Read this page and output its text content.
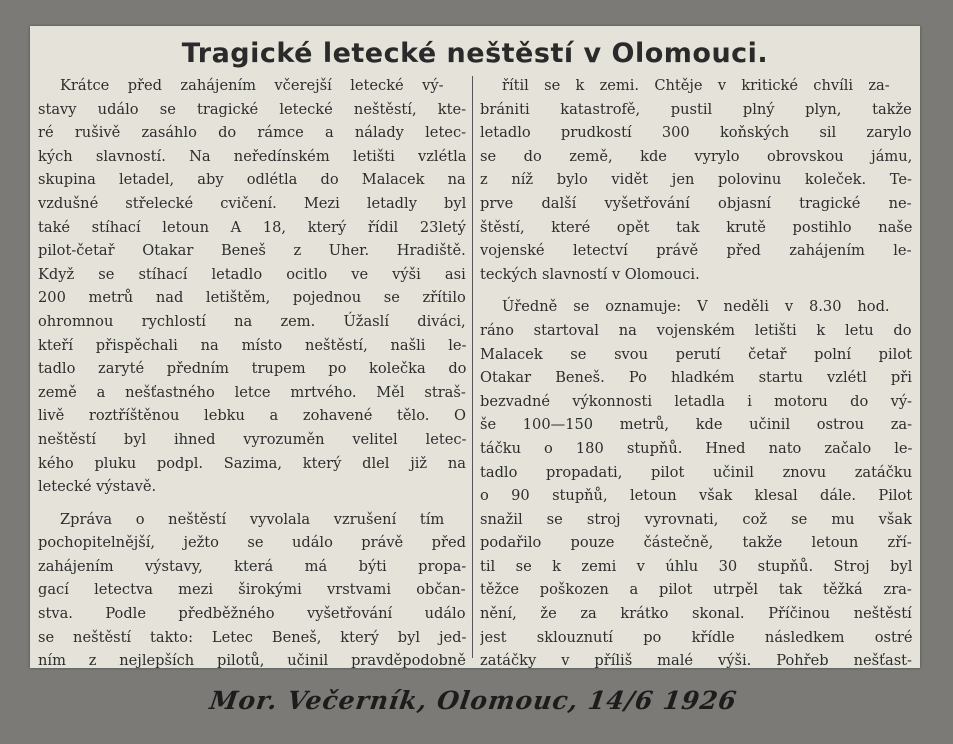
Tragické letecké neštěstí v Olomouci.
Krátce před zahájením včerejší letecké vý-
stavy událo se tragické letecké neštěstí, kte-
ré rušivě zasáhlo do rámce a nálady letec-
kých slavností. Na neředínském letišti vzlétla
skupina letadel, aby odlétla do Malacek na
vzdušné střelecké cvičení. Mezi letadly byl
také stíhací letoun A 18, který řídil 23letý
pilot-četař Otakar Beneš z Uher. Hradiště.
Když se stíhací letadlo ocitlo ve výši asi
200 metrů nad letištěm, pojednou se zřítilo
ohromnou rychlostí na zem. Úžaslí diváci,
kteří přispěchali na místo neštěstí, našli le-
tadlo zaryté předním trupem po kolečka do
země a nešťastného letce mrtvého. Měl straš-
livě roztříštěnou lebku a zohavené tělo. O
neštěstí byl ihned vyrozuměn velitel letec-
kého pluku podpl. Sazima, který dlel již na
letecké výstavě.
Zpráva o neštěstí vyvolala vzrušení tím
pochopitelnější, ježto se událo právě před
zahájením výstavy, která má býti propa-
gací letectva mezi širokými vrstvami občan-
stva. Podle předběžného vyšetřování událo
se neštěstí takto: Letec Beneš, který byl jed-
ním z nejlepších pilotů, učinil pravděpodobně
řítil se k zemi. Chtěje v kritické chvíli za-
brániti katastrofě, pustil plný plyn, takže
letadlo prudkostí 300 koňských sil zarylo
se do země, kde vyrylo obrovskou jámu,
z níž bylo vidět jen polovinu koleček. Te-
prve další vyšetřování objasní tragické ne-
štěstí, které opět tak krutě postihlo naše
vojenské letectví právě před zahájením le-
teckých slavností v Olomouci.
Úředně se oznamuje: V neděli v 8.30 hod.
ráno startoval na vojenském letišti k letu do
Malacek se svou perutí četař polní pilot
Otakar Beneš. Po hladkém startu vzlétl při
bezvadné výkonnosti letadla i motoru do vý-
še 100—150 metrů, kde učinil ostrou za-
táčku o 180 stupňů. Hned nato začalo le-
tadlo propadati, pilot učinil znovu zatáčku
o 90 stupňů, letoun však klesal dále. Pilot
snažil se stroj vyrovnati, což se mu však
podařilo pouze částečně, takže letoun zří-
til se k zemi v úhlu 30 stupňů. Stroj byl
těžce poškozen a pilot utrpěl tak těžká zra-
nění, že za krátko skonal. Příčinou neštěstí
jest sklouznutí po křídle následkem ostré
zatáčky v příliš malé výši. Pohřeb nešťast-
Mor. Večerník, Olomouc, 14/6 1926
